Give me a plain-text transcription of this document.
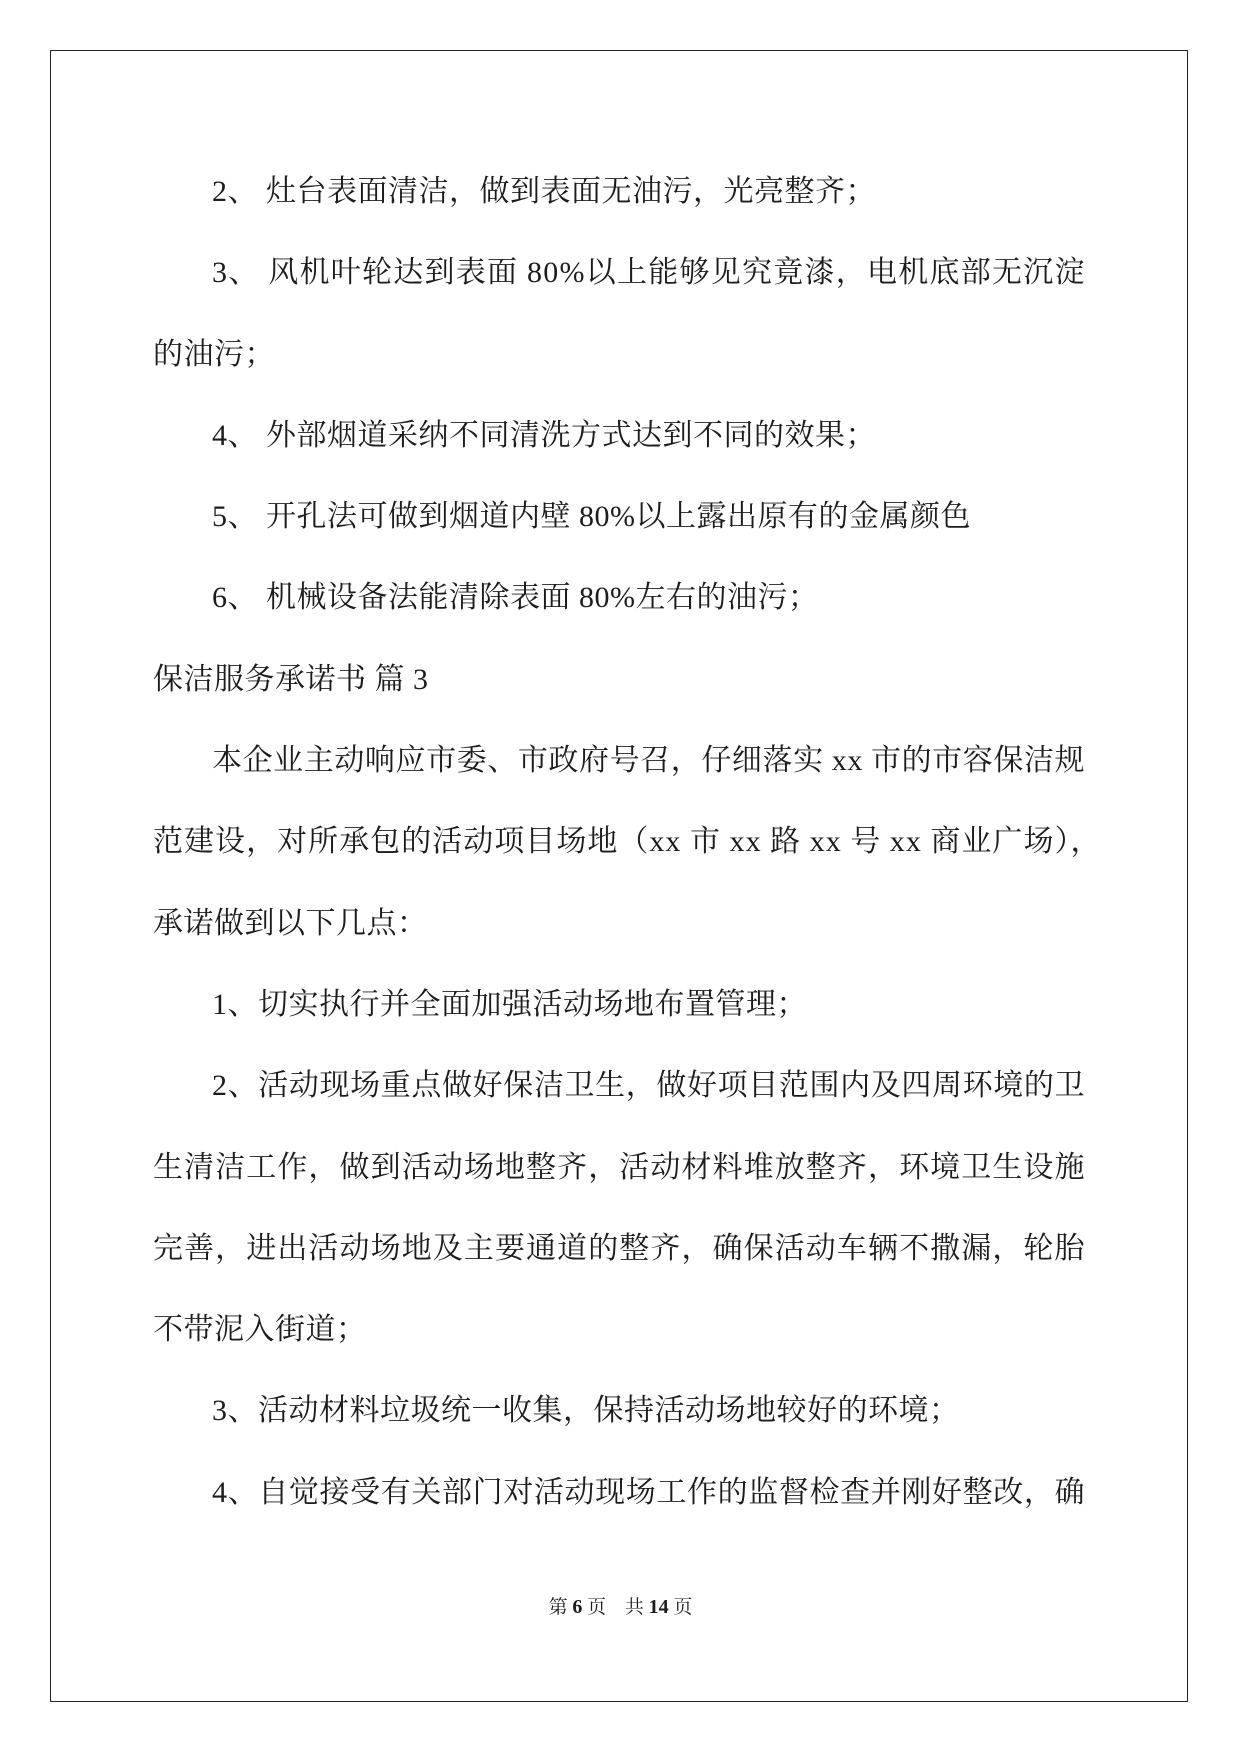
2、 灶台表面清洁，做到表面无油污，光亮整齐；
3、 风机叶轮达到表面 80%以上能够见究竟漆，电机底部无沉淀
的油污；
4、 外部烟道采纳不同清洗方式达到不同的效果；
5、 开孔法可做到烟道内壁 80%以上露出原有的金属颜色
6、 机械设备法能清除表面 80%左右的油污；
保洁服务承诺书 篇 3
本企业主动响应市委、市政府号召，仔细落实 xx 市的市容保洁规
范建设，对所承包的活动项目场地（xx 市 xx 路 xx 号 xx 商业广场），
承诺做到以下几点：
1、切实执行并全面加强活动场地布置管理；
2、活动现场重点做好保洁卫生，做好项目范围内及四周环境的卫
生清洁工作，做到活动场地整齐，活动材料堆放整齐，环境卫生设施
完善，进出活动场地及主要通道的整齐，确保活动车辆不撒漏，轮胎
不带泥入街道；
3、活动材料垃圾统一收集，保持活动场地较好的环境；
4、自觉接受有关部门对活动现场工作的监督检查并刚好整改，确
第 6 页 共 14 页
